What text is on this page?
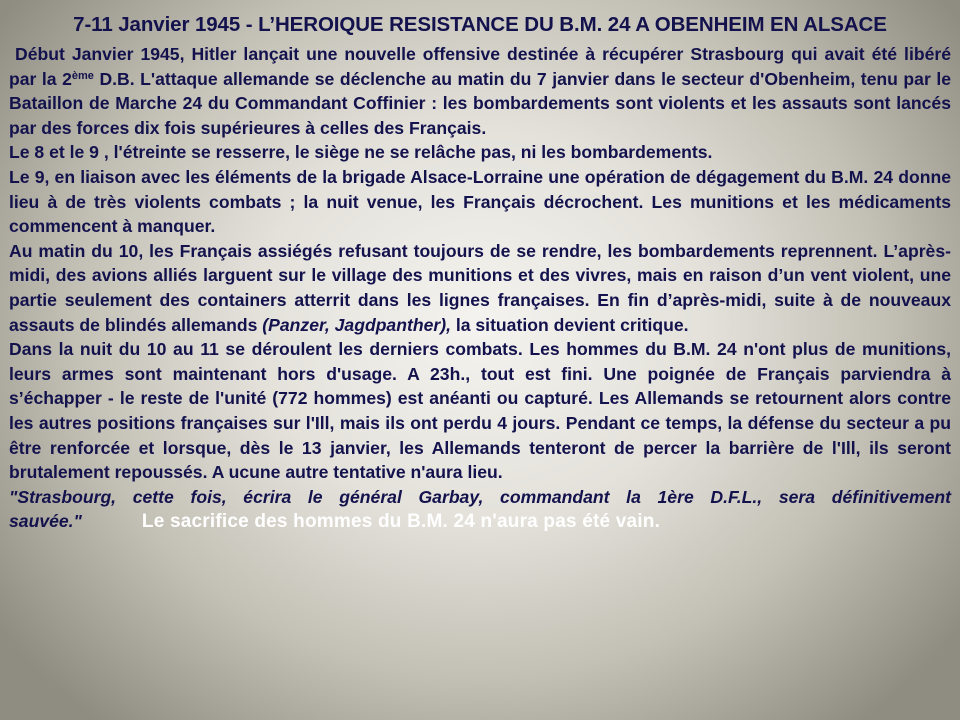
7-11 Janvier 1945 - L’HEROIQUE RESISTANCE DU B.M. 24 A OBENHEIM EN ALSACE

Début Janvier 1945, Hitler lançait une nouvelle offensive destinée à récupérer Strasbourg qui avait été libéré par la 2ème D.B. L'attaque allemande se déclenche au matin du 7 janvier dans le secteur d'Obenheim, tenu par le Bataillon de Marche 24 du Commandant Coffinier : les bombardements sont violents et les assauts sont lancés par des forces dix fois supérieures à celles des Français.

Le 8 et le 9 , l'étreinte se resserre, le siège ne se relâche pas, ni les bombardements.

Le 9, en liaison avec les éléments de la brigade Alsace-Lorraine une opération de dégagement du B.M. 24 donne lieu à de très violents combats ; la nuit venue, les Français décrochent. Les munitions et les médicaments commencent à manquer.

Au matin du 10, les Français assiégés refusant toujours de se rendre, les bombardements reprennent. L’après-midi, des avions alliés larguent sur le village des munitions et des vivres, mais en raison d’un vent violent, une partie seulement des containers atterrit dans les lignes françaises. En fin d’après-midi, suite à de nouveaux assauts de blindés allemands (Panzer, Jagdpanther), la situation devient critique.

Dans la nuit du 10 au 11 se déroulent les derniers combats. Les hommes du B.M. 24 n'ont plus de munitions, leurs armes sont maintenant hors d'usage. A 23h., tout est fini. Une poignée de Français parviendra à s’échapper - le reste de l'unité (772 hommes) est anéanti ou capturé. Les Allemands se retournent alors contre les autres positions françaises sur l'Ill, mais ils ont perdu 4 jours. Pendant ce temps, la défense du secteur a pu être renforcée et lorsque, dès le 13 janvier, les Allemands tenteront de percer la barrière de l'Ill, ils seront brutalement repoussés. A ucune autre tentative n'aura lieu.

"Strasbourg, cette fois, écrira le général Garbay, commandant la 1ère D.F.L., sera définitivement sauvée."	Le sacrifice des hommes du B.M. 24 n'aura pas été vain.
